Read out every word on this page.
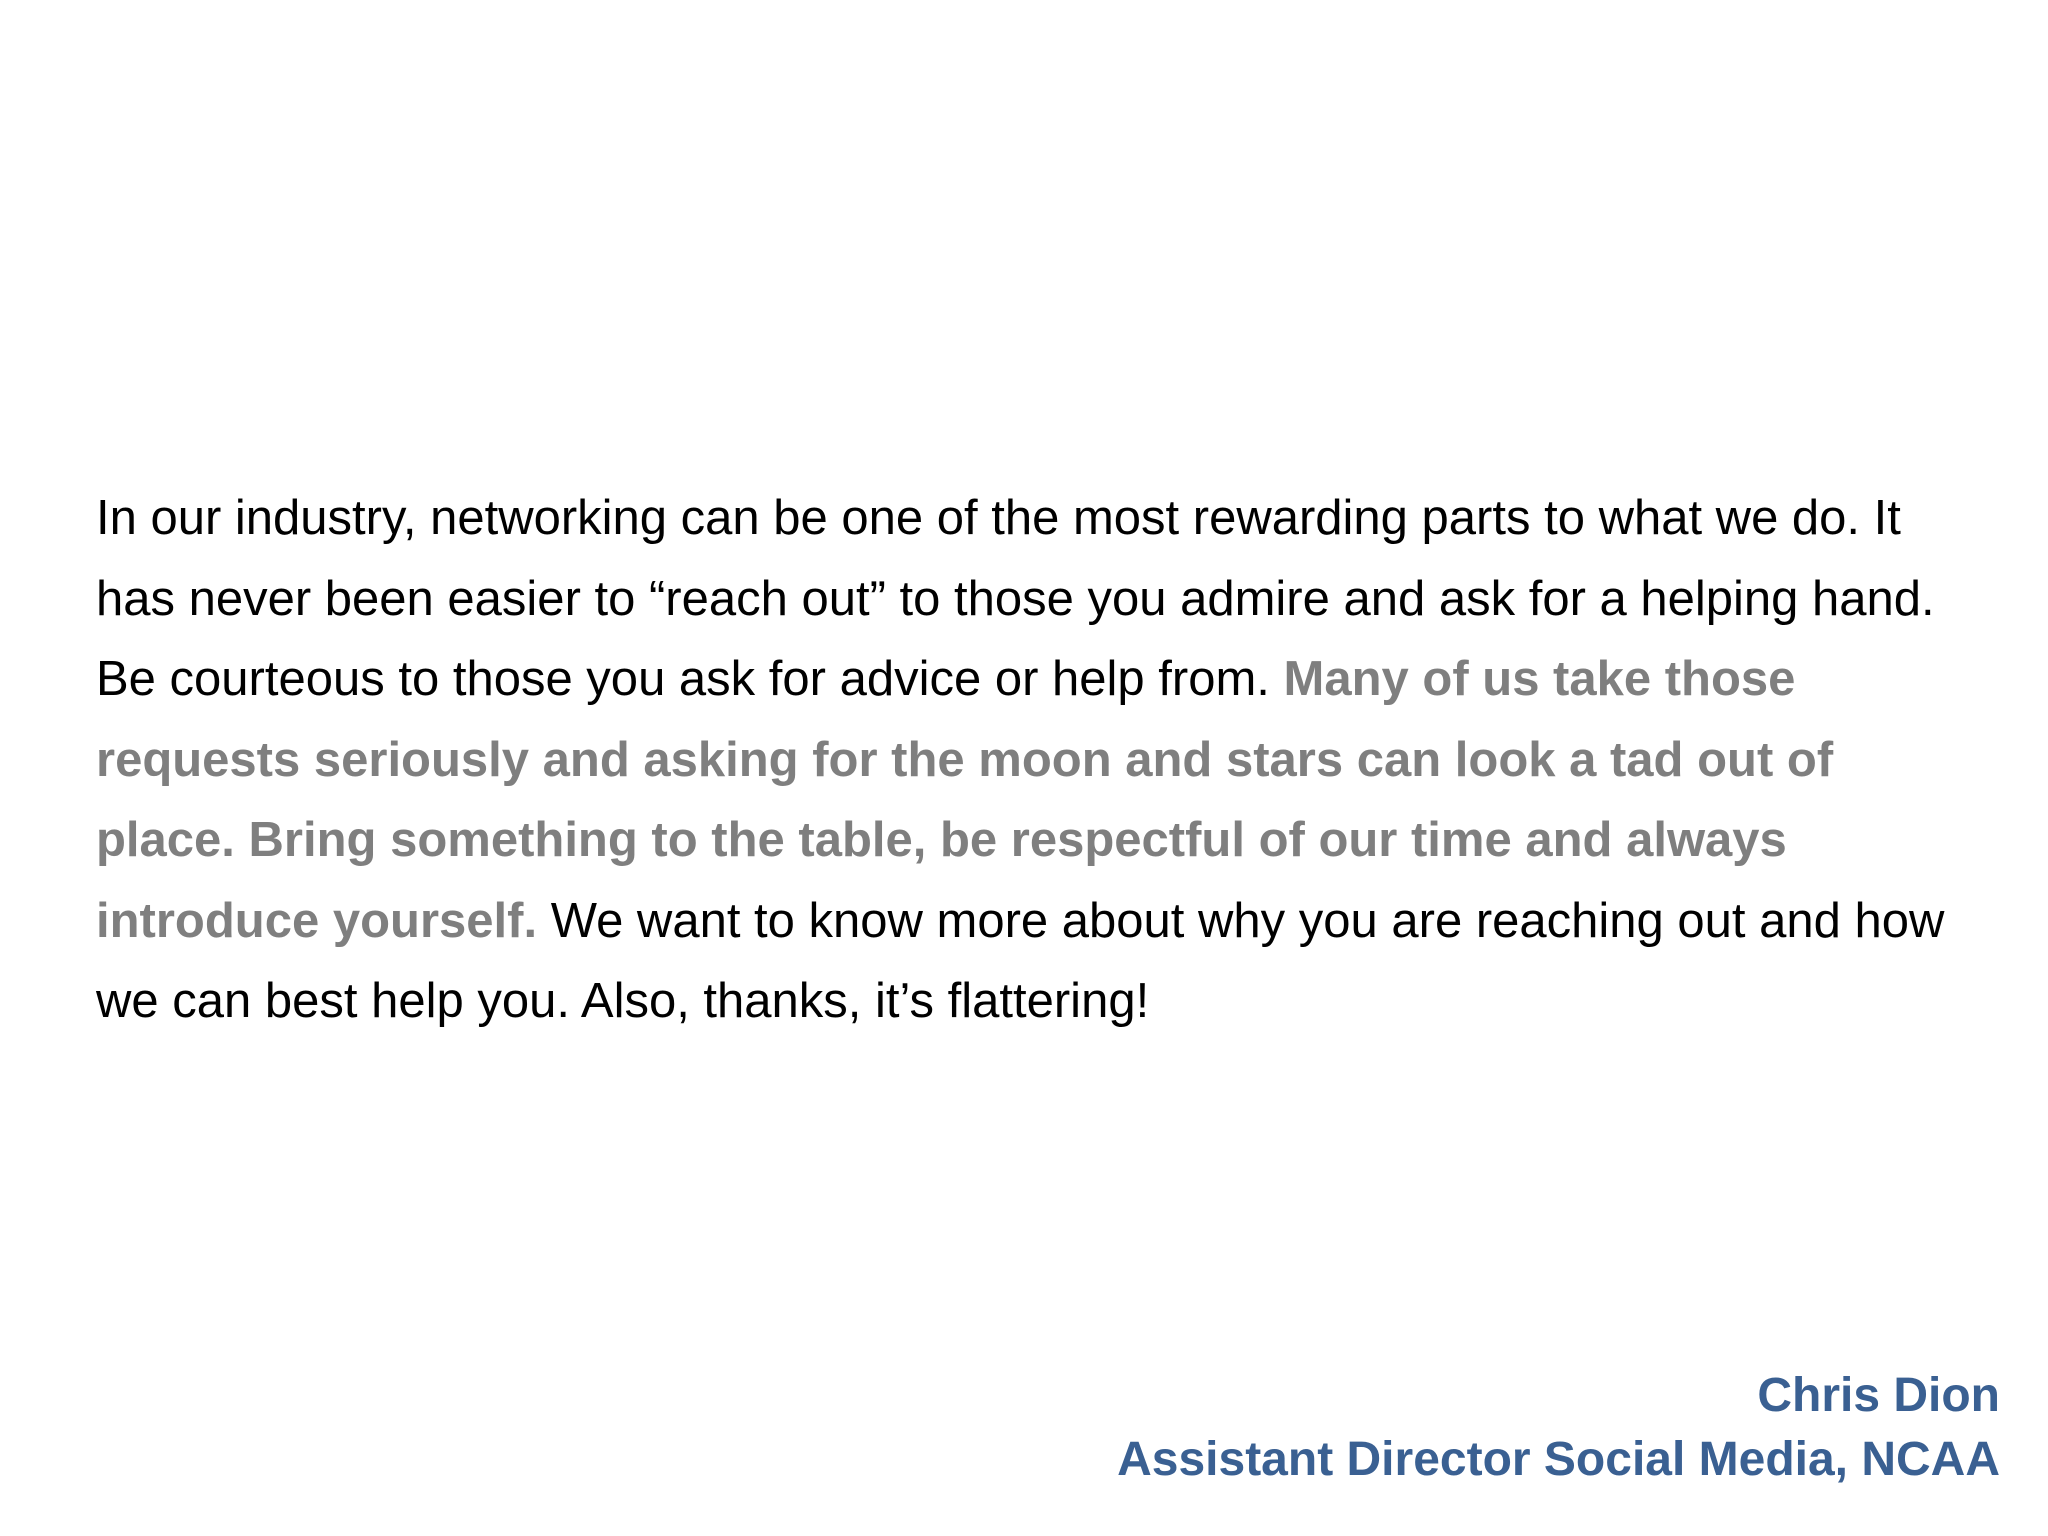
In our industry, networking can be one of the most rewarding parts to what we do. It has never been easier to “reach out” to those you admire and ask for a helping hand. Be courteous to those you ask for advice or help from. Many of us take those requests seriously and asking for the moon and stars can look a tad out of place. Bring something to the table, be respectful of our time and always introduce yourself. We want to know more about why you are reaching out and how we can best help you. Also, thanks, it’s flattering!

Chris Dion
Assistant Director Social Media, NCAA
